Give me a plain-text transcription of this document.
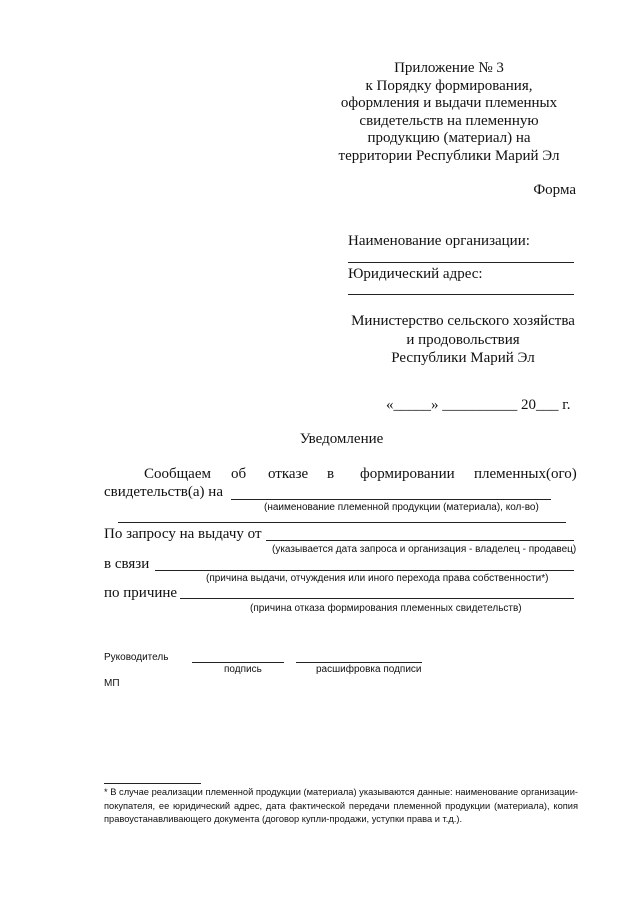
Приложение № 3
к Порядку формирования,
оформления и выдачи племенных
свидетельств на племенную
продукцию (материал) на
территории Республики Марий Эл
Форма
Наименование организации:
Юридический адрес:
Министерство сельского хозяйства
и продовольствия
Республики Марий Эл
«_____» __________ 20___ г.
Уведомление
Сообщаем об отказе в формировании племенных(ого)
свидетельств(а) на
(наименование племенной продукции (материала), кол-во)
По запросу на выдачу от
(указывается дата запроса и организация - владелец - продавец)
в связи
(причина выдачи, отчуждения или иного перехода права собственности*)
по причине
(причина отказа формирования племенных свидетельств)
Руководитель
подпись	расшифровка подписи
МП
* В случае реализации племенной продукции (материала) указываются данные: наименование организации-покупателя, ее юридический адрес, дата фактической передачи племенной продукции (материала), копия правоустанавливающего документа (договор купли-продажи, уступки права и т.д.).
